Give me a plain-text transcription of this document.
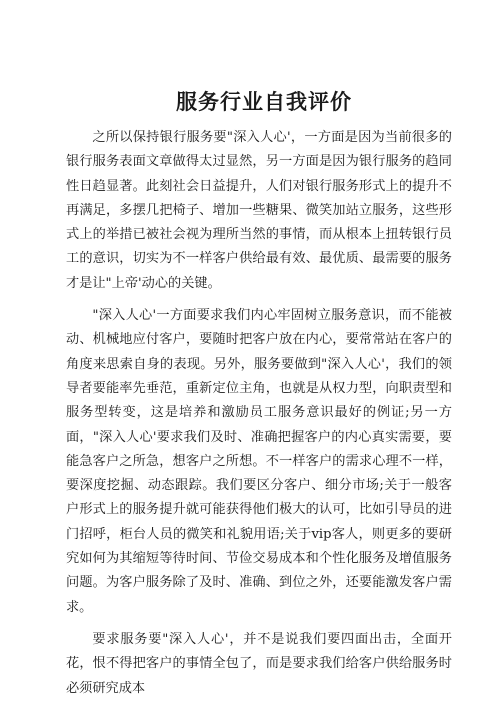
服务行业自我评价

之所以保持银行服务要"深入人心'，一方面是因为当前很多的银行服务表面文章做得太过显然，另一方面是因为银行服务的趋同性日趋显著。此刻社会日益提升，人们对银行服务形式上的提升不再满足，多摆几把椅子、增加一些糖果、微笑加站立服务，这些形式上的举措已被社会视为理所当然的事情，而从根本上扭转银行员工的意识，切实为不一样客户供给最有效、最优质、最需要的服务才是让"上帝'动心的关键。

"深入人心'一方面要求我们内心牢固树立服务意识，而不能被动、机械地应付客户，要随时把客户放在内心，要常常站在客户的角度来思索自身的表现。另外，服务要做到"深入人心'，我们的领导者要能率先垂范，重新定位主角，也就是从权力型，向职责型和服务型转变，这是培养和激励员工服务意识最好的例证;另一方面，"深入人心'要求我们及时、准确把握客户的内心真实需要，要能急客户之所急，想客户之所想。不一样客户的需求心理不一样，要深度挖掘、动态跟踪。我们要区分客户、细分市场;关于一般客户形式上的服务提升就可能获得他们极大的认可，比如引导员的进门招呼，柜台人员的微笑和礼貌用语;关于vip客人，则更多的要研究如何为其缩短等待时间、节俭交易成本和个性化服务及增值服务问题。为客户服务除了及时、准确、到位之外，还要能激发客户需求。

要求服务要"深入人心'，并不是说我们要四面出击，全面开花，恨不得把客户的事情全包了，而是要求我们给客户供给服务时必须研究成本
